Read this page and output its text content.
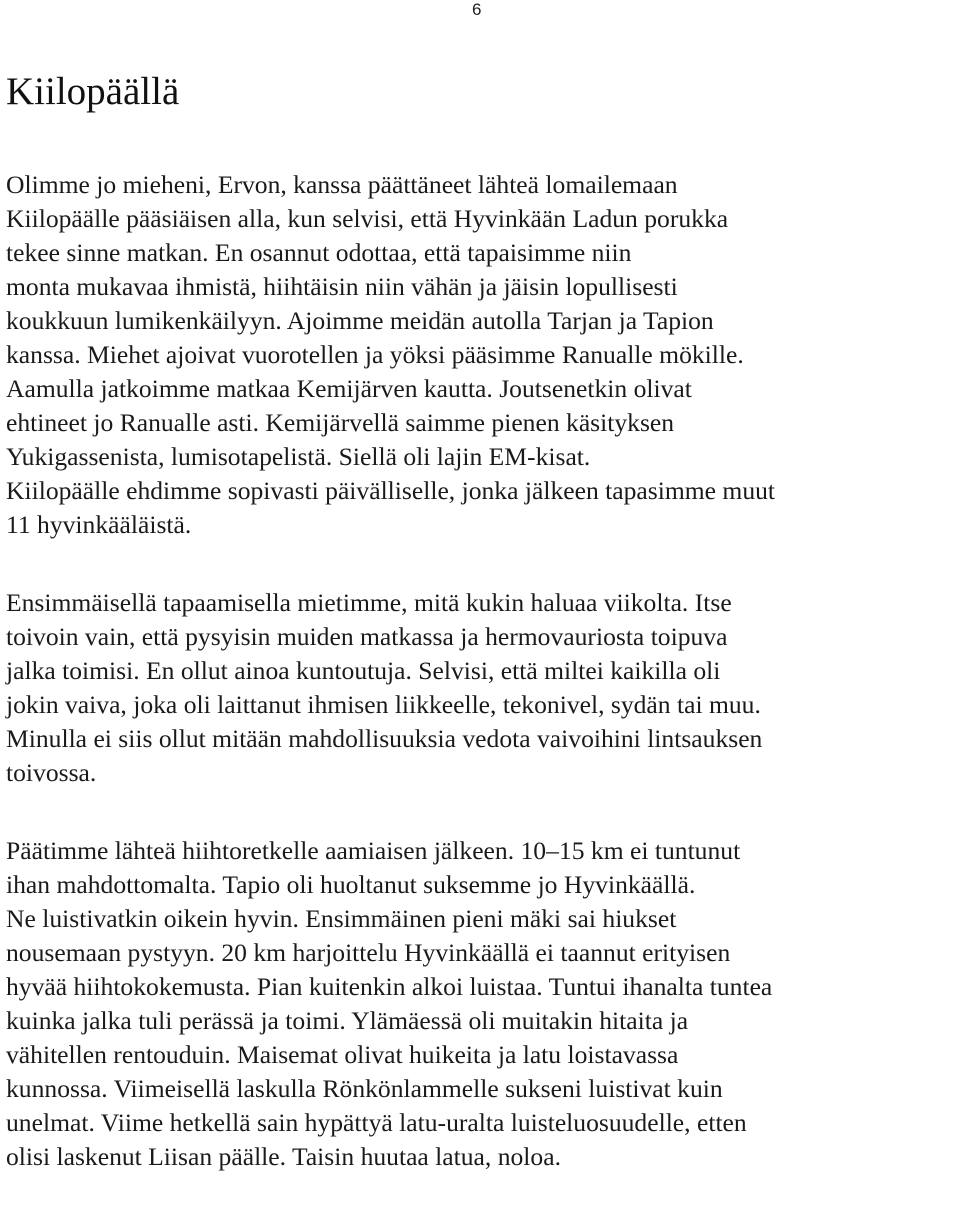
6
Kiilopäällä

Olimme jo mieheni, Ervon, kanssa päättäneet lähteä lomailemaan

Kiilopäälle pääsiäisen alla, kun selvisi, että Hyvinkään Ladun porukka

tekee sinne matkan. En osannut odottaa, että tapaisimme niin

monta mukavaa ihmistä, hiihtäisin niin vähän ja jäisin lopullisesti

koukkuun lumikenkäilyyn. Ajoimme meidän autolla Tarjan ja Tapion

kanssa. Miehet ajoivat vuorotellen ja yöksi pääsimme Ranualle mökille.

Aamulla jatkoimme matkaa Kemijärven kautta. Joutsenetkin olivat

ehtineet jo Ranualle asti. Kemijärvellä saimme pienen käsityksen

Yukigassenista, lumisotapelistä. Siellä oli lajin EM-kisat.

Kiilopäälle ehdimme sopivasti päivälliselle, jonka jälkeen tapasimme muut

11 hyvinkääläistä.

Ensimmäisellä tapaamisella mietimme, mitä kukin haluaa viikolta. Itse

toivoin vain, että pysyisin muiden matkassa ja hermovauriosta toipuva

jalka toimisi. En ollut ainoa kuntoutuja. Selvisi, että miltei kaikilla oli

jokin vaiva, joka oli laittanut ihmisen liikkeelle, tekonivel, sydän tai muu.

Minulla ei siis ollut mitään mahdollisuuksia vedota vaivoihini lintsauksen

toivossa.

Päätimme lähteä hiihtoretkelle aamiaisen jälkeen. 10–15 km ei tuntunut

ihan mahdottomalta. Tapio oli huoltanut suksemme jo Hyvinkäällä.

Ne luistivatkin oikein hyvin. Ensimmäinen pieni mäki sai hiukset

nousemaan pystyyn. 20 km harjoittelu Hyvinkäällä ei taannut erityisen

hyvää hiihtokokemusta. Pian kuitenkin alkoi luistaa. Tuntui ihanalta tuntea

kuinka jalka tuli perässä ja toimi. Ylämäessä oli muitakin hitaita ja

vähitellen rentouduin. Maisemat olivat huikeita ja latu loistavassa

kunnossa. Viimeisellä laskulla Rönkönlammelle sukseni luistivat kuin

unelmat. Viime hetkellä sain hypättyä latu-uralta luisteluosuudelle, etten

olisi laskenut Liisan päälle. Taisin huutaa latua, noloa.
